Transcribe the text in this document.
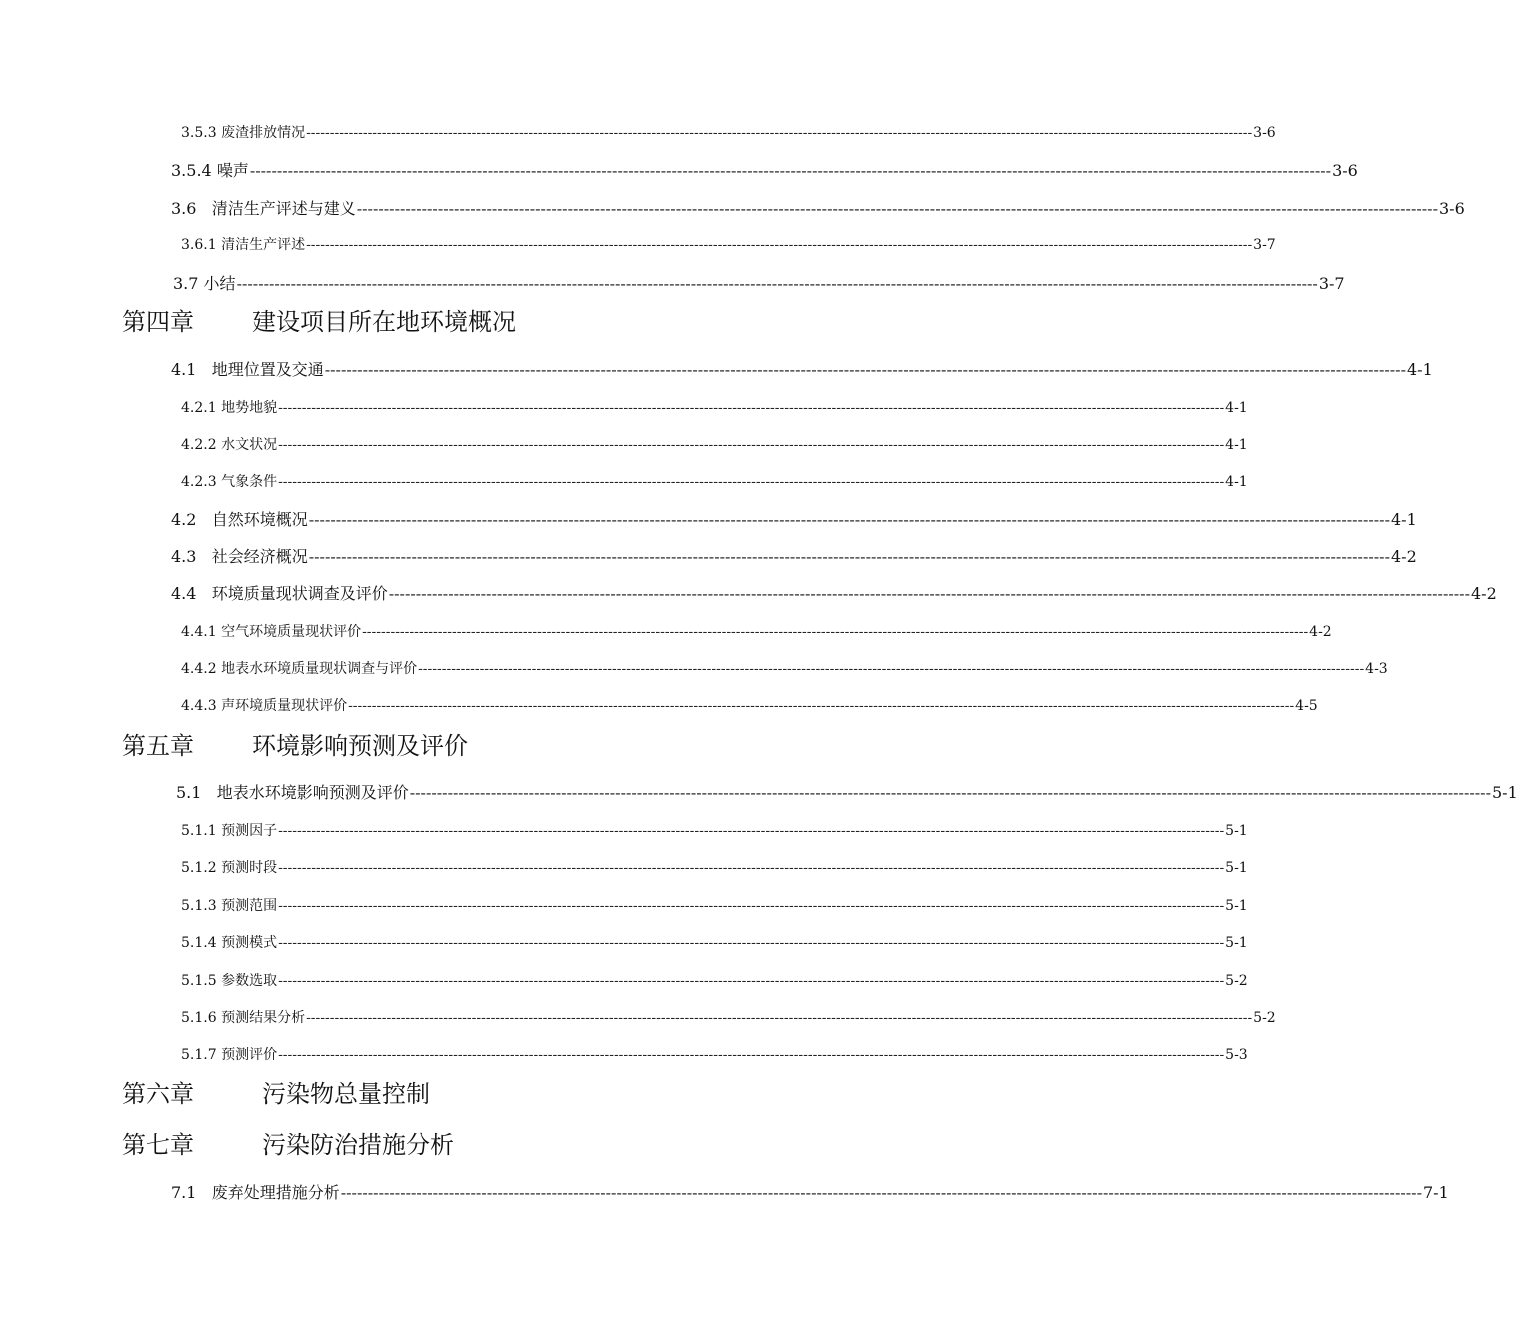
3.5.3
废渣排放情况 -------------------------------------------------------------------------------------------------------------------------------------------------------------------------------------------------------- 3-6
3.5.4
噪声 -------------------------------------------------------------------------------------------------------------------------------------------------------------------------------------------------------- 3-6
3.6
清洁生产评述与建义 -------------------------------------------------------------------------------------------------------------------------------------------------------------------------------------------------------- 3-6
3.6.1
清洁生产评述 -------------------------------------------------------------------------------------------------------------------------------------------------------------------------------------------------------- 3-7
3.7
小结 -------------------------------------------------------------------------------------------------------------------------------------------------------------------------------------------------------- 3-7
第四章 建设项目所在地环境概况
4.1
地理位置及交通 -------------------------------------------------------------------------------------------------------------------------------------------------------------------------------------------------------- 4-1
4.2.1
地势地貌 -------------------------------------------------------------------------------------------------------------------------------------------------------------------------------------------------------- 4-1
4.2.2
水文状况 -------------------------------------------------------------------------------------------------------------------------------------------------------------------------------------------------------- 4-1
4.2.3
气象条件 -------------------------------------------------------------------------------------------------------------------------------------------------------------------------------------------------------- 4-1
4.2
自然环境概况 -------------------------------------------------------------------------------------------------------------------------------------------------------------------------------------------------------- 4-1
4.3
社会经济概况 -------------------------------------------------------------------------------------------------------------------------------------------------------------------------------------------------------- 4-2
4.4
环境质量现状调查及评价 -------------------------------------------------------------------------------------------------------------------------------------------------------------------------------------------------------- 4-2
4.4.1
空气环境质量现状评价 -------------------------------------------------------------------------------------------------------------------------------------------------------------------------------------------------------- 4-2
4.4.2
地表水环境质量现状调查与评价 -------------------------------------------------------------------------------------------------------------------------------------------------------------------------------------------------------- 4-3
4.4.3
声环境质量现状评价 -------------------------------------------------------------------------------------------------------------------------------------------------------------------------------------------------------- 4-5
第五章 环境影响预测及评价
5.1
地表水环境影响预测及评价 -------------------------------------------------------------------------------------------------------------------------------------------------------------------------------------------------------- 5-1
5.1.1
预测因子 -------------------------------------------------------------------------------------------------------------------------------------------------------------------------------------------------------- 5-1
5.1.2
预测时段 -------------------------------------------------------------------------------------------------------------------------------------------------------------------------------------------------------- 5-1
5.1.3
预测范围 -------------------------------------------------------------------------------------------------------------------------------------------------------------------------------------------------------- 5-1
5.1.4
预测模式 -------------------------------------------------------------------------------------------------------------------------------------------------------------------------------------------------------- 5-1
5.1.5
参数选取 -------------------------------------------------------------------------------------------------------------------------------------------------------------------------------------------------------- 5-2
5.1.6
预测结果分析 -------------------------------------------------------------------------------------------------------------------------------------------------------------------------------------------------------- 5-2
5.1.7
预测评价 -------------------------------------------------------------------------------------------------------------------------------------------------------------------------------------------------------- 5-3
第六章	污染物总量控制
第七章	污染防治措施分析
7.1
废弃处理措施分析 -------------------------------------------------------------------------------------------------------------------------------------------------------------------------------------------------------- 7-1
